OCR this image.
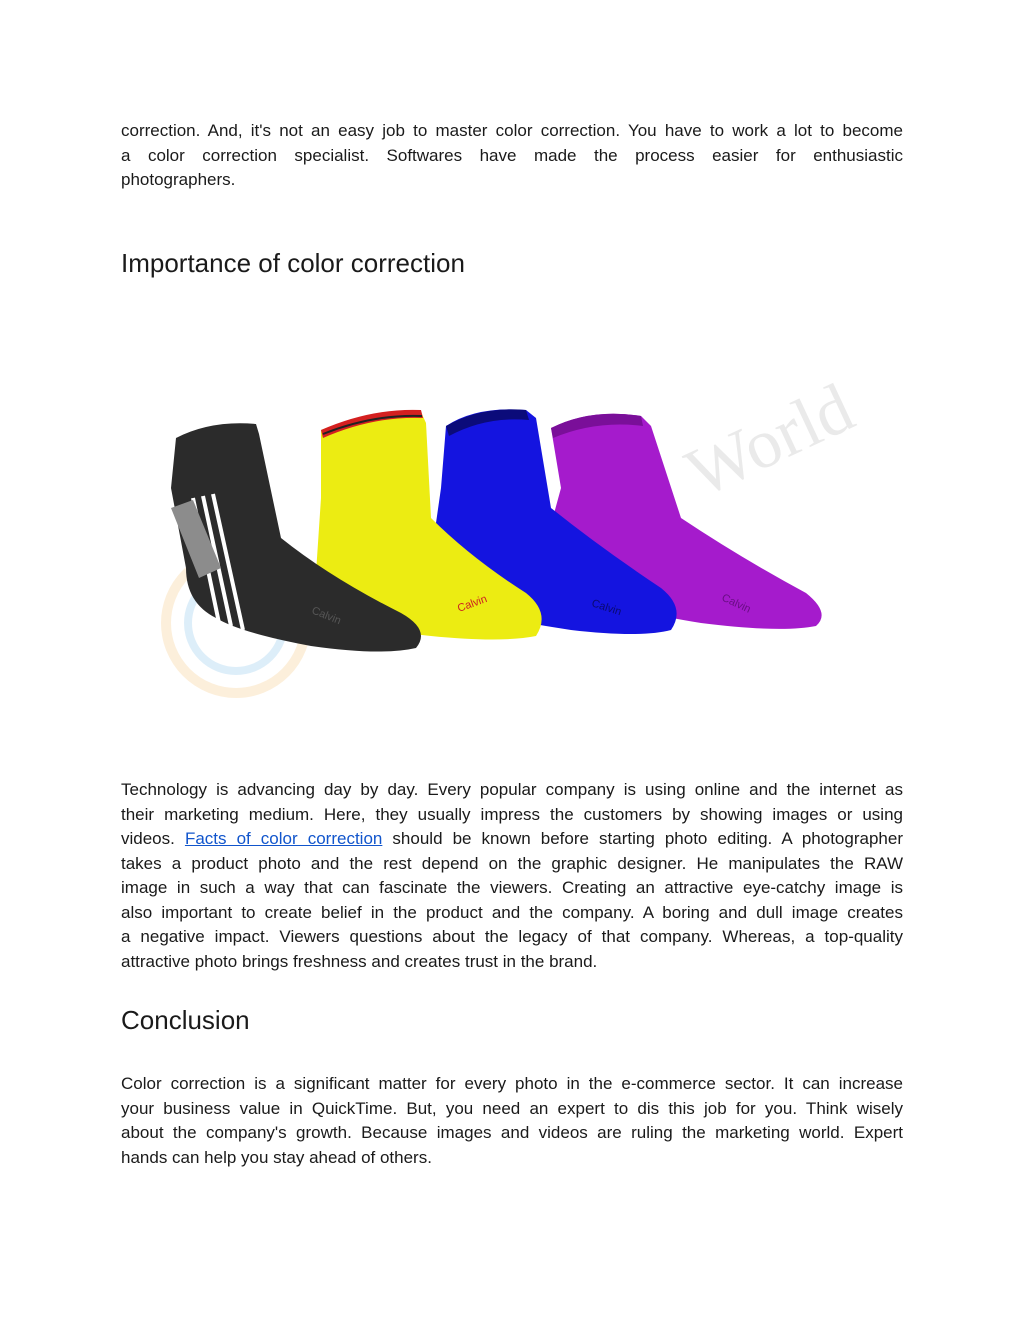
correction. And, it's not an easy job to master color correction. You have to work a lot to become
a color correction specialist. Softwares have made the process easier for enthusiastic
photographers.

Importance of color correction
World
Calvin
Calvin
Calvin
Calvin

Technology is advancing day by day. Every popular company is using online and the internet as
their marketing medium. Here, they usually impress the customers by showing images or using
videos. Facts of color correction should be known before starting photo editing. A photographer
takes a product photo and the rest depend on the graphic designer. He manipulates the RAW
image in such a way that can fascinate the viewers. Creating an attractive eye-catchy image is
also important to create belief in the product and the company. A boring and dull image creates
a negative impact. Viewers questions about the legacy of that company. Whereas, a top-quality
attractive photo brings freshness and creates trust in the brand.

Conclusion

Color correction is a significant matter for every photo in the e-commerce sector. It can increase
your business value in QuickTime. But, you need an expert to dis this job for you. Think wisely
about the company's growth. Because images and videos are ruling the marketing world. Expert
hands can help you stay ahead of others.
